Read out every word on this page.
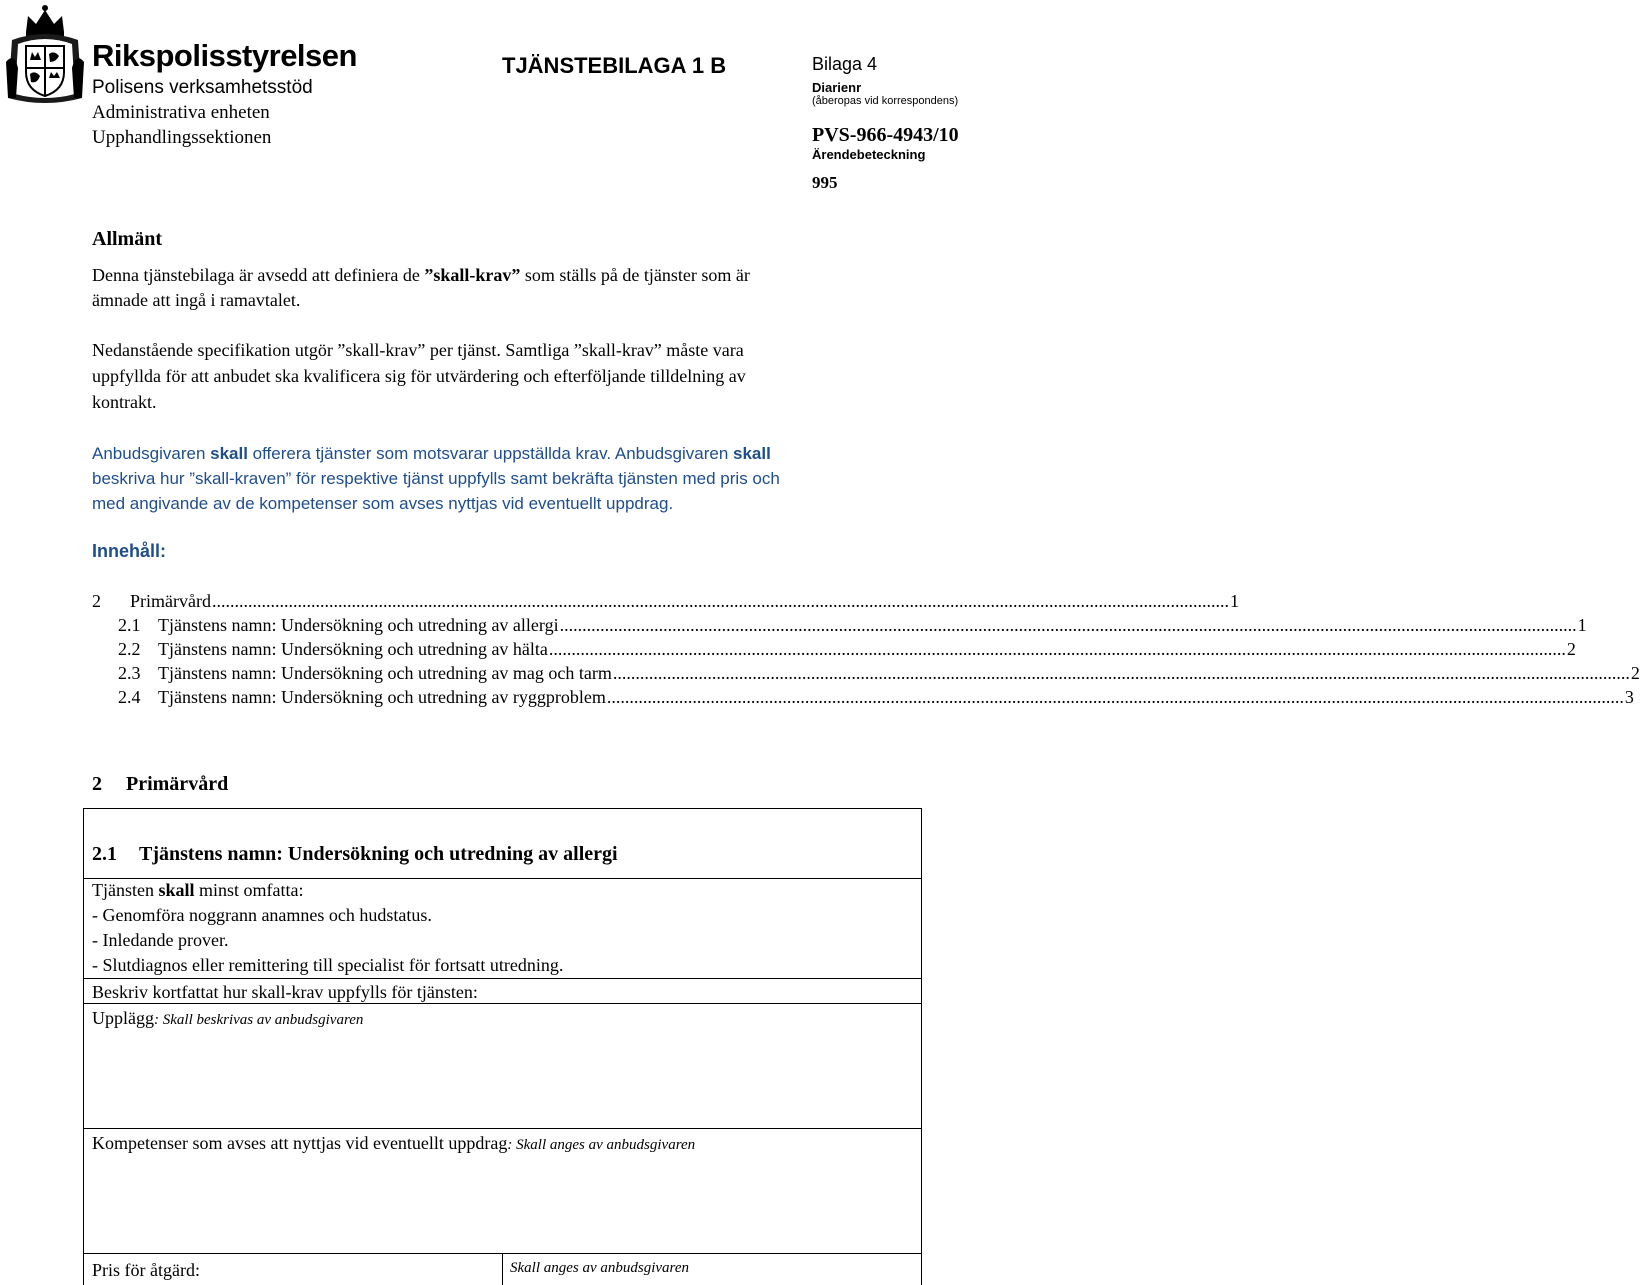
Rikspolisstyrelsen
Polisens verksamhetsstöd
Administrativa enheten
Upphandlingssektionen
TJÄNSTEBILAGA 1 B	Bilaga 4
Diarienr
(åberopas vid korrespondens)
PVS-966-4943/10
Ärendebeteckning
995
Allmänt
Denna tjänstebilaga är avsedd att definiera de ”skall-krav” som ställs på de tjänster som är
ämnade att ingå i ramavtalet.
Nedanstående specifikation utgör ”skall-krav” per tjänst. Samtliga ”skall-krav” måste vara
uppfyllda för att anbudet ska kvalificera sig för utvärdering och efterföljande tilldelning av
kontrakt.
Anbudsgivaren skall offerera tjänster som motsvarar uppställda krav. Anbudsgivaren skall
beskriva hur ”skall-kraven” för respektive tjänst uppfylls samt bekräfta tjänsten med pris och
med angivande av de kompetenser som avses nyttjas vid eventuellt uppdrag.
Innehåll:
2	Primärvård .................................................................................................................................................................................................................................. 1
2.1 Tjänstens namn: Undersökning och utredning av allergi .................................................................................................................................................................................................................................. 1
2.2 Tjänstens namn: Undersökning och utredning av hälta .................................................................................................................................................................................................................................. 2
2.3 Tjänstens namn: Undersökning och utredning av mag och tarm .................................................................................................................................................................................................................................. 2
2.4 Tjänstens namn: Undersökning och utredning av ryggproblem .................................................................................................................................................................................................................................. 3
2 Primärvård
2.1 Tjänstens namn: Undersökning och utredning av allergi
Tjänsten skall minst omfatta:
- Genomföra noggrann anamnes och hudstatus.
- Inledande prover.
- Slutdiagnos eller remittering till specialist för fortsatt utredning.
Beskriv kortfattat hur skall-krav uppfylls för tjänsten:
Upplägg: Skall beskrivas av anbudsgivaren
Kompetenser som avses att nyttjas vid eventuellt uppdrag: Skall anges av anbudsgivaren
Pris för åtgärd:	Skall anges av anbudsgivaren
